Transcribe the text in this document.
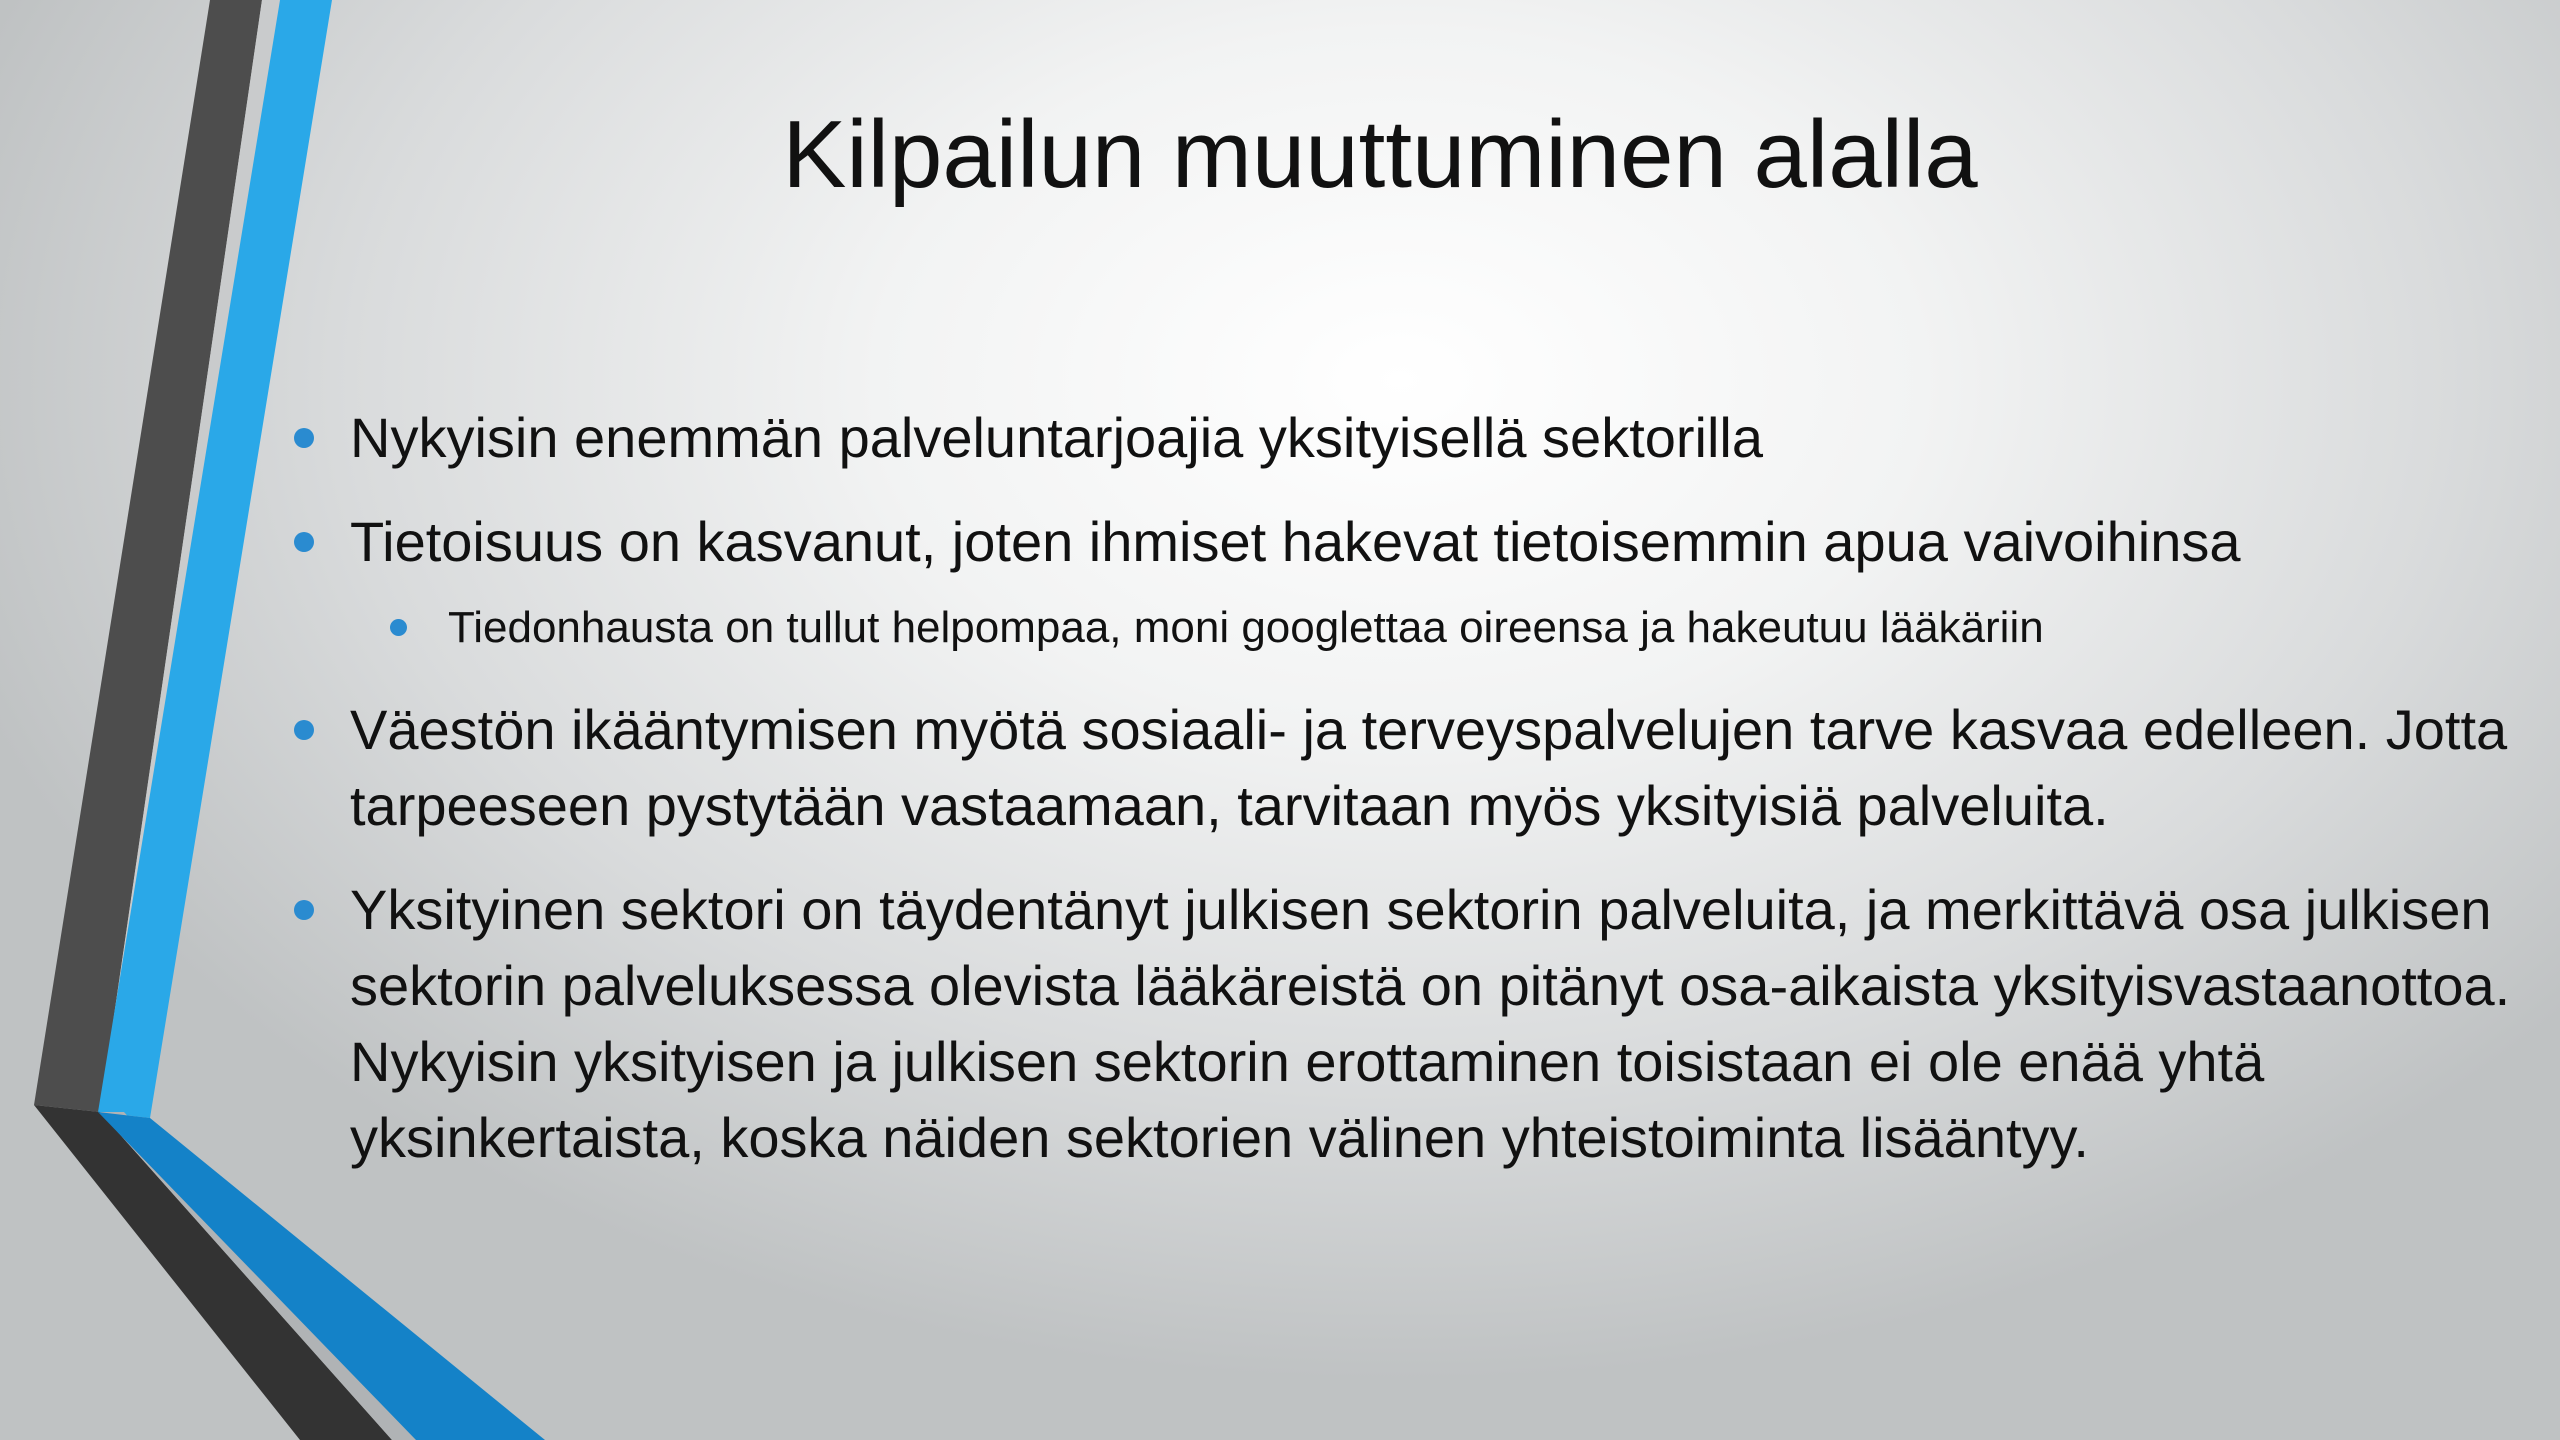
Kilpailun muuttuminen alalla
Nykyisin enemmän palveluntarjoajia yksityisellä sektorilla
Tietoisuus on kasvanut, joten ihmiset hakevat tietoisemmin apua vaivoihinsa
Tiedonhausta on tullut helpompaa, moni googlettaa oireensa ja hakeutuu lääkäriin
Väestön ikääntymisen myötä sosiaali- ja terveyspalvelujen tarve kasvaa edelleen. Jotta tarpeeseen pystytään vastaamaan, tarvitaan myös yksityisiä palveluita.
Yksityinen sektori on täydentänyt julkisen sektorin palveluita, ja merkittävä osa julkisen sektorin palveluksessa olevista lääkäreistä on pitänyt osa-aikaista yksityisvastaanottoa. Nykyisin yksityisen ja julkisen sektorin erottaminen toisistaan ei ole enää yhtä yksinkertaista, koska näiden sektorien välinen yhteistoiminta lisääntyy.
